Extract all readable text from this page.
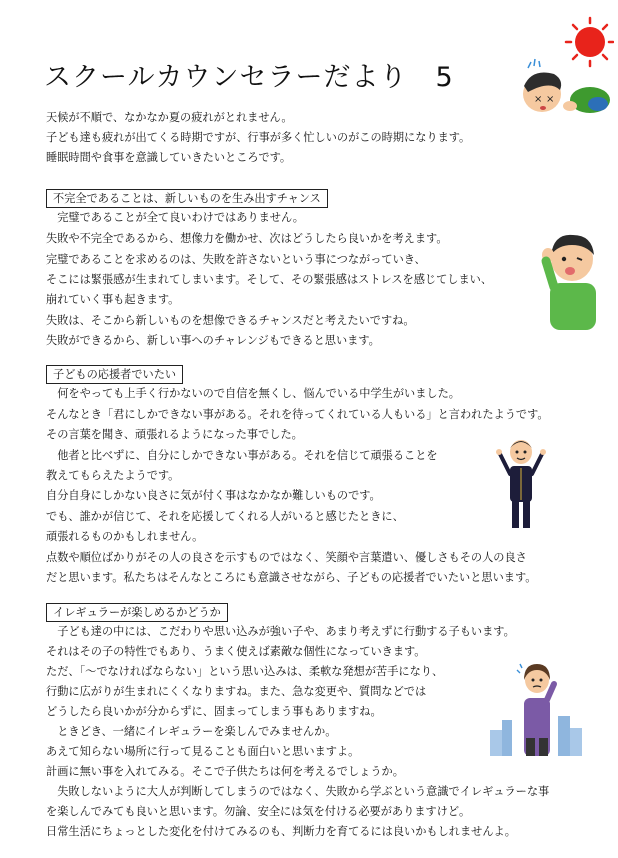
スクールカウンセラーだより 5
天候が不順で、なかなか夏の疲れがとれません。
子ども達も疲れが出てくる時期ですが、行事が多く忙しいのがこの時期になります。
睡眠時間や食事を意識していきたいところです。
不完全であることは、新しいものを生み出すチャンス
　完璧であることが全て良いわけではありません。
失敗や不完全であるから、想像力を働かせ、次はどうしたら良いかを考えます。
完璧であることを求めるのは、失敗を許さないという事につながっていき、
そこには緊張感が生まれてしまいます。そして、その緊張感はストレスを感じてしまい、
崩れていく事も起きます。
失敗は、そこから新しいものを想像できるチャンスだと考えたいですね。
失敗ができるから、新しい事へのチャレンジもできると思います。
子どもの応援者でいたい
　何をやっても上手く行かないので自信を無くし、悩んでいる中学生がいました。
そんなとき「君にしかできない事がある。それを待ってくれている人もいる」と言われたようです。
その言葉を聞き、頑張れるようになった事でした。
　他者と比べずに、自分にしかできない事がある。それを信じて頑張ることを
教えてもらえたようです。
自分自身にしかない良さに気が付く事はなかなか難しいものです。
でも、誰かが信じて、それを応援してくれる人がいると感じたときに、
頑張れるものかもしれません。
点数や順位ばかりがその人の良さを示すものではなく、笑顔や言葉遣い、優しさもその人の良さ
だと思います。私たちはそんなところにも意識させながら、子どもの応援者でいたいと思います。
イレギュラーが楽しめるかどうか
　子ども達の中には、こだわりや思い込みが強い子や、あまり考えずに行動する子もいます。
それはその子の特性でもあり、うまく使えば素敵な個性になっていきます。
ただ、「～でなければならない」という思い込みは、柔軟な発想が苦手になり、
行動に広がりが生まれにくくなりますね。また、急な変更や、質問などでは
どうしたら良いかが分からずに、固まってしまう事もありますね。
　ときどき、一緒にイレギュラーを楽しんでみませんか。
あえて知らない場所に行って見ることも面白いと思いますよ。
計画に無い事を入れてみる。そこで子供たちは何を考えるでしょうか。
　失敗しないように大人が判断してしまうのではなく、失敗から学ぶという意識でイレギュラーな事
を楽しんでみても良いと思います。勿論、安全には気を付ける必要がありますけど。
日常生活にちょっとした変化を付けてみるのも、判断力を育てるには良いかもしれませんよ。
× ×
